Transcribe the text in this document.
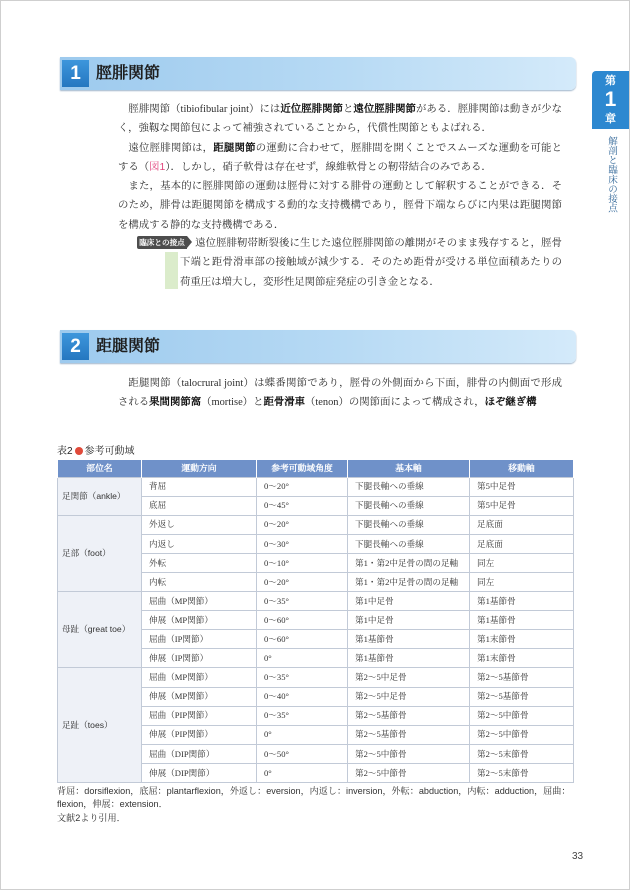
第
1
章
解剖と臨床の接点
1 脛腓関節

脛腓関節（tibiofibular joint）には近位脛腓関節と遠位脛腓関節がある．脛腓関節は動きが少なく，強靱な関節包によって補強されていることから，代償性関節ともよばれる．

遠位脛腓関節は，距腿関節の運動に合わせて，脛腓間を開くことでスムーズな運動を可能とする（図1）．しかし，硝子軟骨は存在せず，線維軟骨との靭帯結合のみである．

また，基本的に脛腓関節の運動は脛骨に対する腓骨の運動として解釈することができる．そのため，腓骨は距腿関節を構成する動的な支持機構であり，脛骨下端ならびに内果は距腿関節を構成する静的な支持機構である．

臨床との接点 遠位脛腓靭帯断裂後に生じた遠位脛腓関節の離開がそのまま残存すると，脛骨下端と距骨滑車部の接触域が減少する．そのため距骨が受ける単位面積あたりの荷重圧は増大し，変形性足関節症発症の引き金となる．
2 距腿関節

距腿関節（talocrural joint）は蝶番関節であり，脛骨の外側面から下面，腓骨の内側面で形成される果間関節窩（mortise）と距骨滑車（tenon）の関節面によって構成され，ほぞ継ぎ構

表2 参考可動域
部位名	運動方向	参考可動域角度	基本軸	移動軸
足関節（ankle）	背屈	0～20°	下腿長軸への垂線	第5中足骨
	底屈	0～45°	下腿長軸への垂線	第5中足骨
足部（foot）	外返し	0～20°	下腿長軸への垂線	足底面
	内返し	0～30°	下腿長軸への垂線	足底面
	外転	0～10°	第1・第2中足骨の間の足軸	同左
	内転	0～20°	第1・第2中足骨の間の足軸	同左
母趾（great toe）	屈曲（MP関節）	0～35°	第1中足骨	第1基節骨
	伸展（MP関節）	0～60°	第1中足骨	第1基節骨
	屈曲（IP関節）	0～60°	第1基節骨	第1末節骨
	伸展（IP関節）	0°	第1基節骨	第1末節骨
足趾（toes）	屈曲（MP関節）	0～35°	第2～5中足骨	第2～5基節骨
	伸展（MP関節）	0～40°	第2～5中足骨	第2～5基節骨
	屈曲（PIP関節）	0～35°	第2～5基節骨	第2～5中節骨
	伸展（PIP関節）	0°	第2～5基節骨	第2～5中節骨
	屈曲（DIP関節）	0～50°	第2～5中節骨	第2～5末節骨
	伸展（DIP関節）	0°	第2～5中節骨	第2～5末節骨
背屈：dorsiflexion，底屈：plantarflexion，外返し：eversion，内返し：inversion，外転：abduction，内転：adduction，屈曲：flexion，伸展：extension．
文献2より引用．
33
